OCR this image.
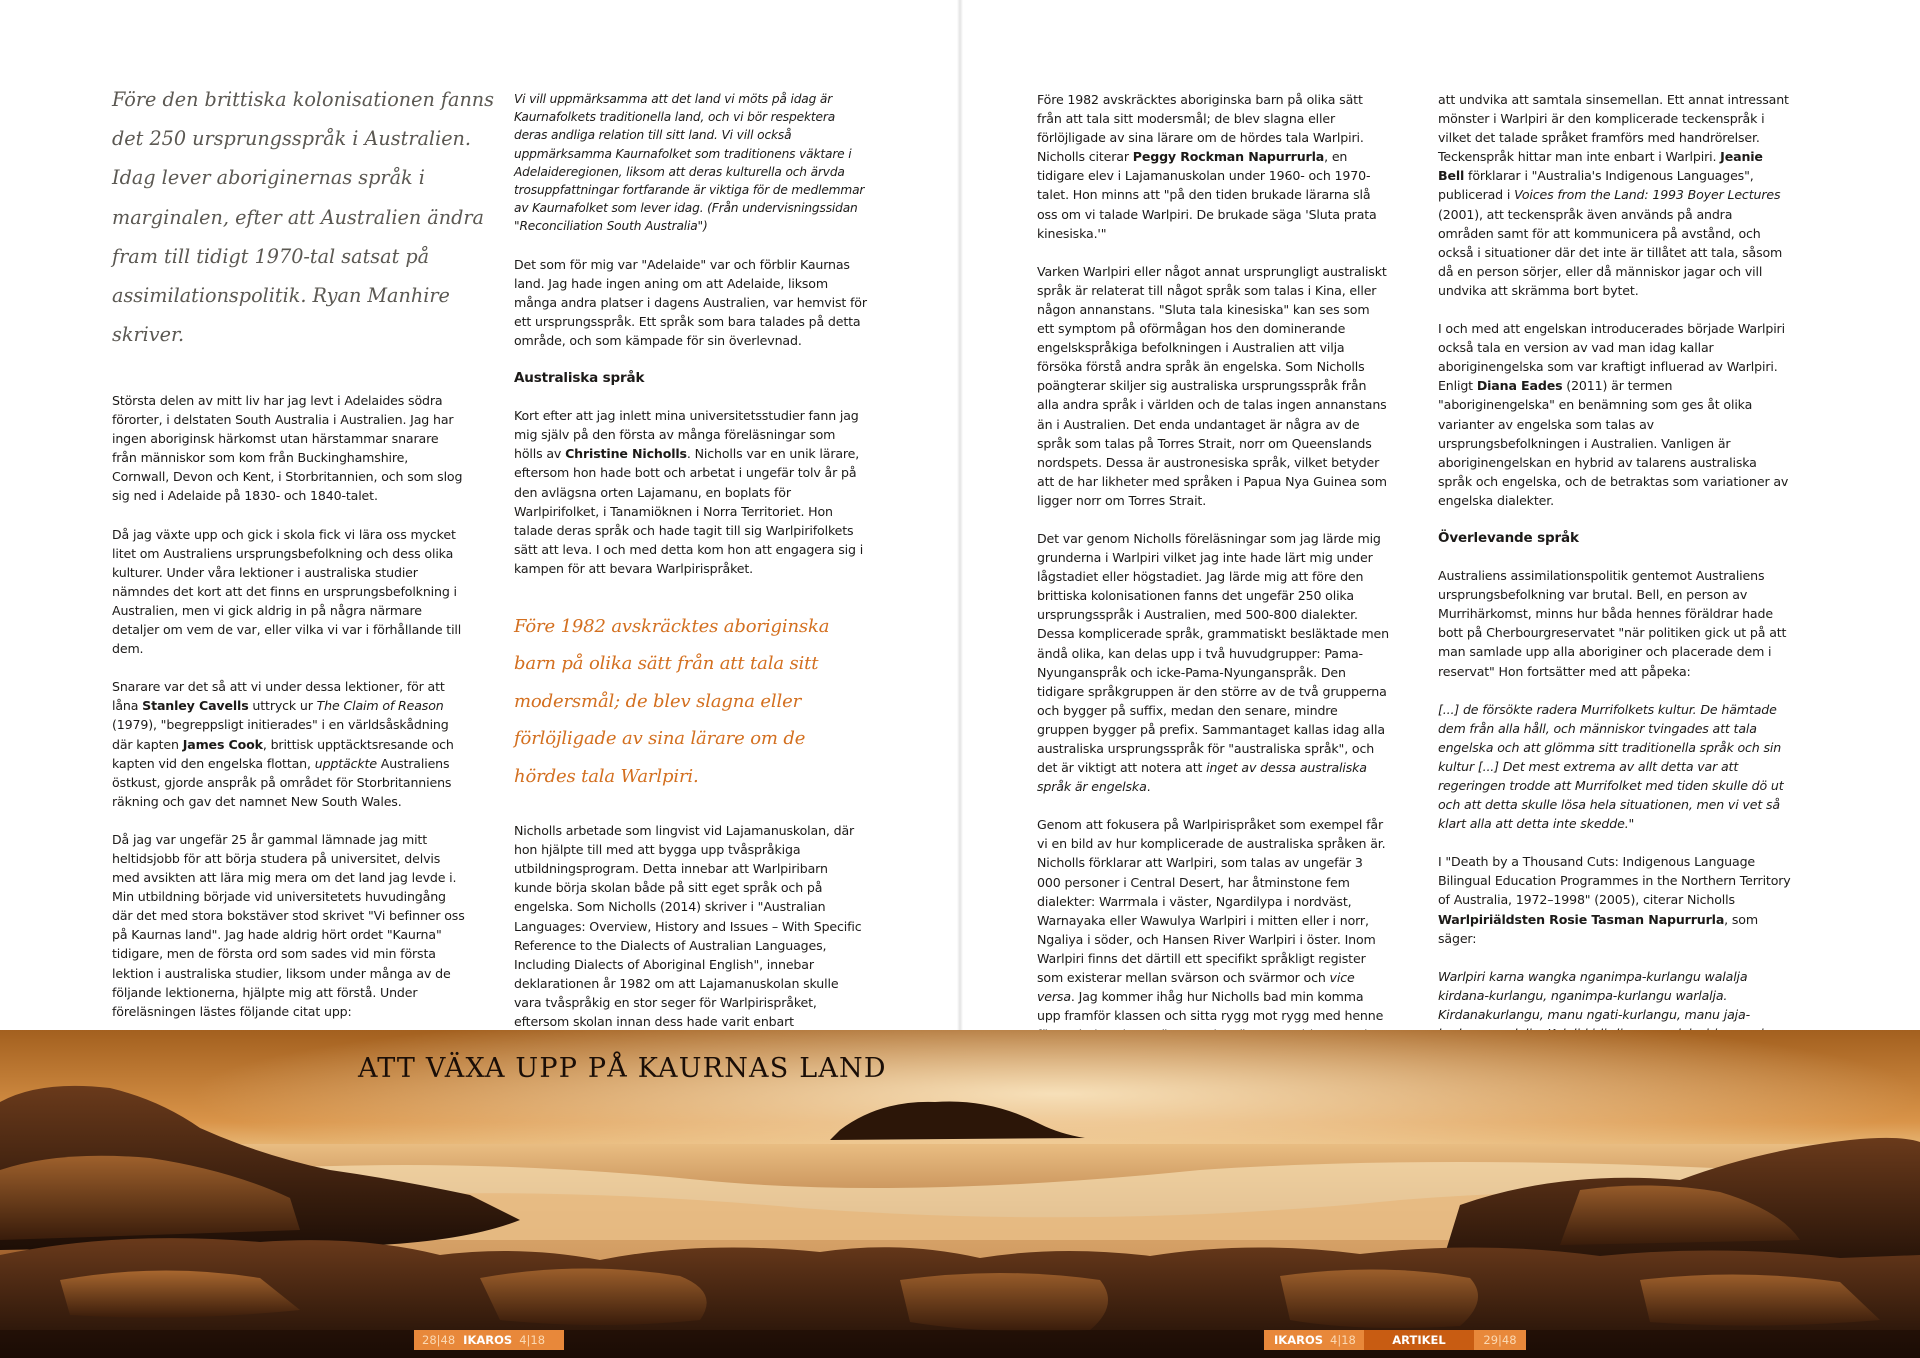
Före den brittiska kolonisationen fanns det 250 ursprungsspråk i Australien. Idag lever aboriginernas språk i marginalen, efter att Australien ändra fram till tidigt 1970-tal satsat på assimilationspolitik. Ryan Manhire skriver.

Största delen av mitt liv har jag levt i Adelaides södra förorter, i delstaten South Australia i Australien. Jag har ingen aboriginsk härkomst utan härstammar snarare från människor som kom från Buckinghamshire, Cornwall, Devon och Kent, i Storbritannien, och som slog sig ned i Adelaide på 1830- och 1840-talet.

Då jag växte upp och gick i skola fick vi lära oss mycket litet om Australiens ursprungsbefolkning och dess olika kulturer. Under våra lektioner i australiska studier nämndes det kort att det finns en ursprungsbefolkning i Australien, men vi gick aldrig in på några närmare detaljer om vem de var, eller vilka vi var i förhållande till dem.

Snarare var det så att vi under dessa lektioner, för att låna Stanley Cavells uttryck ur The Claim of Reason (1979), "begreppsligt initierades" i en världsåskådning där kapten James Cook, brittisk upptäcktsresande och kapten vid den engelska flottan, upptäckte Australiens östkust, gjorde anspråk på området för Storbritanniens räkning och gav det namnet New South Wales.

Då jag var ungefär 25 år gammal lämnade jag mitt heltidsjobb för att börja studera på universitet, delvis med avsikten att lära mig mera om det land jag levde i. Min utbildning började vid universitetets huvudingång där det med stora bokstäver stod skrivet "Vi befinner oss på Kaurnas land". Jag hade aldrig hört ordet "Kaurna" tidigare, men de första ord som sades vid min första lektion i australiska studier, liksom under många av de följande lektionerna, hjälpte mig att förstå. Under föreläsningen lästes följande citat upp:

Vi vill uppmärksamma att det land vi möts på idag är Kaurnafolkets traditionella land, och vi bör respektera deras andliga relation till sitt land. Vi vill också uppmärksamma Kaurnafolket som traditionens väktare i Adelaideregionen, liksom att deras kulturella och ärvda trosuppfattningar fortfarande är viktiga för de medlemmar av Kaurnafolket som lever idag. (Från undervisningssidan "Reconciliation South Australia")

Det som för mig var "Adelaide" var och förblir Kaurnas land. Jag hade ingen aning om att Adelaide, liksom många andra platser i dagens Australien, var hemvist för ett ursprungsspråk. Ett språk som bara talades på detta område, och som kämpade för sin överlevnad.

Australiska språk

Kort efter att jag inlett mina universitetsstudier fann jag mig själv på den första av många föreläsningar som hölls av Christine Nicholls. Nicholls var en unik lärare, eftersom hon hade bott och arbetat i ungefär tolv år på den avlägsna orten Lajamanu, en boplats för Warlpirifolket, i Tanamiöknen i Norra Territoriet. Hon talade deras språk och hade tagit till sig Warlpirifolkets sätt att leva. I och med detta kom hon att engagera sig i kampen för att bevara Warlpirispråket.

Före 1982 avskräcktes aboriginska barn på olika sätt från att tala sitt modersmål; de blev slagna eller förlöjligade av sina lärare om de hördes tala Warlpiri.

Nicholls arbetade som lingvist vid Lajamanuskolan, där hon hjälpte till med att bygga upp tvåspråkiga utbildningsprogram. Detta innebar att Warlpiribarn kunde börja skolan både på sitt eget språk och på engelska. Som Nicholls (2014) skriver i "Australian Languages: Overview, History and Issues – With Specific Reference to the Dialects of Australian Languages, Including Dialects of Aboriginal English", innebar deklarationen år 1982 om att Lajamanuskolan skulle vara tvåspråkig en stor seger för Warlpirispråket, eftersom skolan innan dess hade varit enbart

Före 1982 avskräcktes aboriginska barn på olika sätt från att tala sitt modersmål; de blev slagna eller förlöjligade av sina lärare om de hördes tala Warlpiri. Nicholls citerar Peggy Rockman Napurrurla, en tidigare elev i Lajamanuskolan under 1960- och 1970-talet. Hon minns att "på den tiden brukade lärarna slå oss om vi talade Warlpiri. De brukade säga 'Sluta prata kinesiska.'"

Varken Warlpiri eller något annat ursprungligt australiskt språk är relaterat till något språk som talas i Kina, eller någon annanstans. "Sluta tala kinesiska" kan ses som ett symptom på oförmågan hos den dominerande engelskspråkiga befolkningen i Australien att vilja försöka förstå andra språk än engelska. Som Nicholls poängterar skiljer sig australiska ursprungsspråk från alla andra språk i världen och de talas ingen annanstans än i Australien. Det enda undantaget är några av de språk som talas på Torres Strait, norr om Queenslands nordspets. Dessa är austronesiska språk, vilket betyder att de har likheter med språken i Papua Nya Guinea som ligger norr om Torres Strait.

Det var genom Nicholls föreläsningar som jag lärde mig grunderna i Warlpiri vilket jag inte hade lärt mig under lågstadiet eller högstadiet. Jag lärde mig att före den brittiska kolonisationen fanns det ungefär 250 olika ursprungsspråk i Australien, med 500-800 dialekter. Dessa komplicerade språk, grammatiskt besläktade men ändå olika, kan delas upp i två huvudgrupper: Pama-Nyunganspråk och icke-Pama-Nyunganspråk. Den tidigare språkgruppen är den större av de två grupperna och bygger på suffix, medan den senare, mindre gruppen bygger på prefix. Sammantaget kallas idag alla australiska ursprungsspråk för "australiska språk", och det är viktigt att notera att inget av dessa australiska språk är engelska.

Genom att fokusera på Warlpirispråket som exempel får vi en bild av hur komplicerade de australiska språken är. Nicholls förklarar att Warlpiri, som talas av ungefär 3 000 personer i Central Desert, har åtminstone fem dialekter: Warrmala i väster, Ngardilypa i nordväst, Warnayaka eller Wawulya Warlpiri i mitten eller i norr, Ngaliya i söder, och Hansen River Warlpiri i öster. Inom Warlpiri finns det därtill ett specifikt språkligt register som existerar mellan svärson och svärmor och vice versa. Jag kommer ihåg hur Nicholls bad min komma upp framför klassen och sitta rygg mot rygg med henne

att undvika att samtala sinsemellan. Ett annat intressant mönster i Warlpiri är den komplicerade teckenspråk i vilket det talade språket framförs med handrörelser. Teckenspråk hittar man inte enbart i Warlpiri. Jeanie Bell förklarar i "Australia's Indigenous Languages", publicerad i Voices from the Land: 1993 Boyer Lectures (2001), att teckenspråk även används på andra områden samt för att kommunicera på avstånd, och också i situationer där det inte är tillåtet att tala, såsom då en person sörjer, eller då människor jagar och vill undvika att skrämma bort bytet.

I och med att engelskan introducerades började Warlpiri också tala en version av vad man idag kallar aboriginengelska som var kraftigt influerad av Warlpiri. Enligt Diana Eades (2011) är termen "aboriginengelska" en benämning som ges åt olika varianter av engelska som talas av ursprungsbefolkningen i Australien. Vanligen är aboriginengelskan en hybrid av talarens australiska språk och engelska, och de betraktas som variationer av engelska dialekter.

Överlevande språk

Australiens assimilationspolitik gentemot Australiens ursprungsbefolkning var brutal. Bell, en person av Murrihärkomst, minns hur båda hennes föräldrar hade bott på Cherbourgreservatet "när politiken gick ut på att man samlade upp alla aboriginer och placerade dem i reservat" Hon fortsätter med att påpeka:

[...] de försökte radera Murrifolkets kultur. De hämtade dem från alla håll, och människor tvingades att tala engelska och att glömma sitt traditionella språk och sin kultur [...] Det mest extrema av allt detta var att regeringen trodde att Murrifolket med tiden skulle dö ut och att detta skulle lösa hela situationen, men vi vet så klart alla att detta inte skedde."

I "Death by a Thousand Cuts: Indigenous Language Bilingual Education Programmes in the Northern Territory of Australia, 1972–1998" (2005), citerar Nicholls Warlpiriäldsten Rosie Tasman Napurrurla, som säger:

Warlpiri karna wangka nganimpa-kurlangu walalja kirdana-kurlangu, nganimpa-kurlangu warlalja. Kirdanakurlangu, manu ngati-kurlangu, manu jaja-

ATT VÄXA UPP PÅ KAURNAS LAND
28|48 IKAROS 4|18	IKAROS 4|18	ARTIKEL	29|48
